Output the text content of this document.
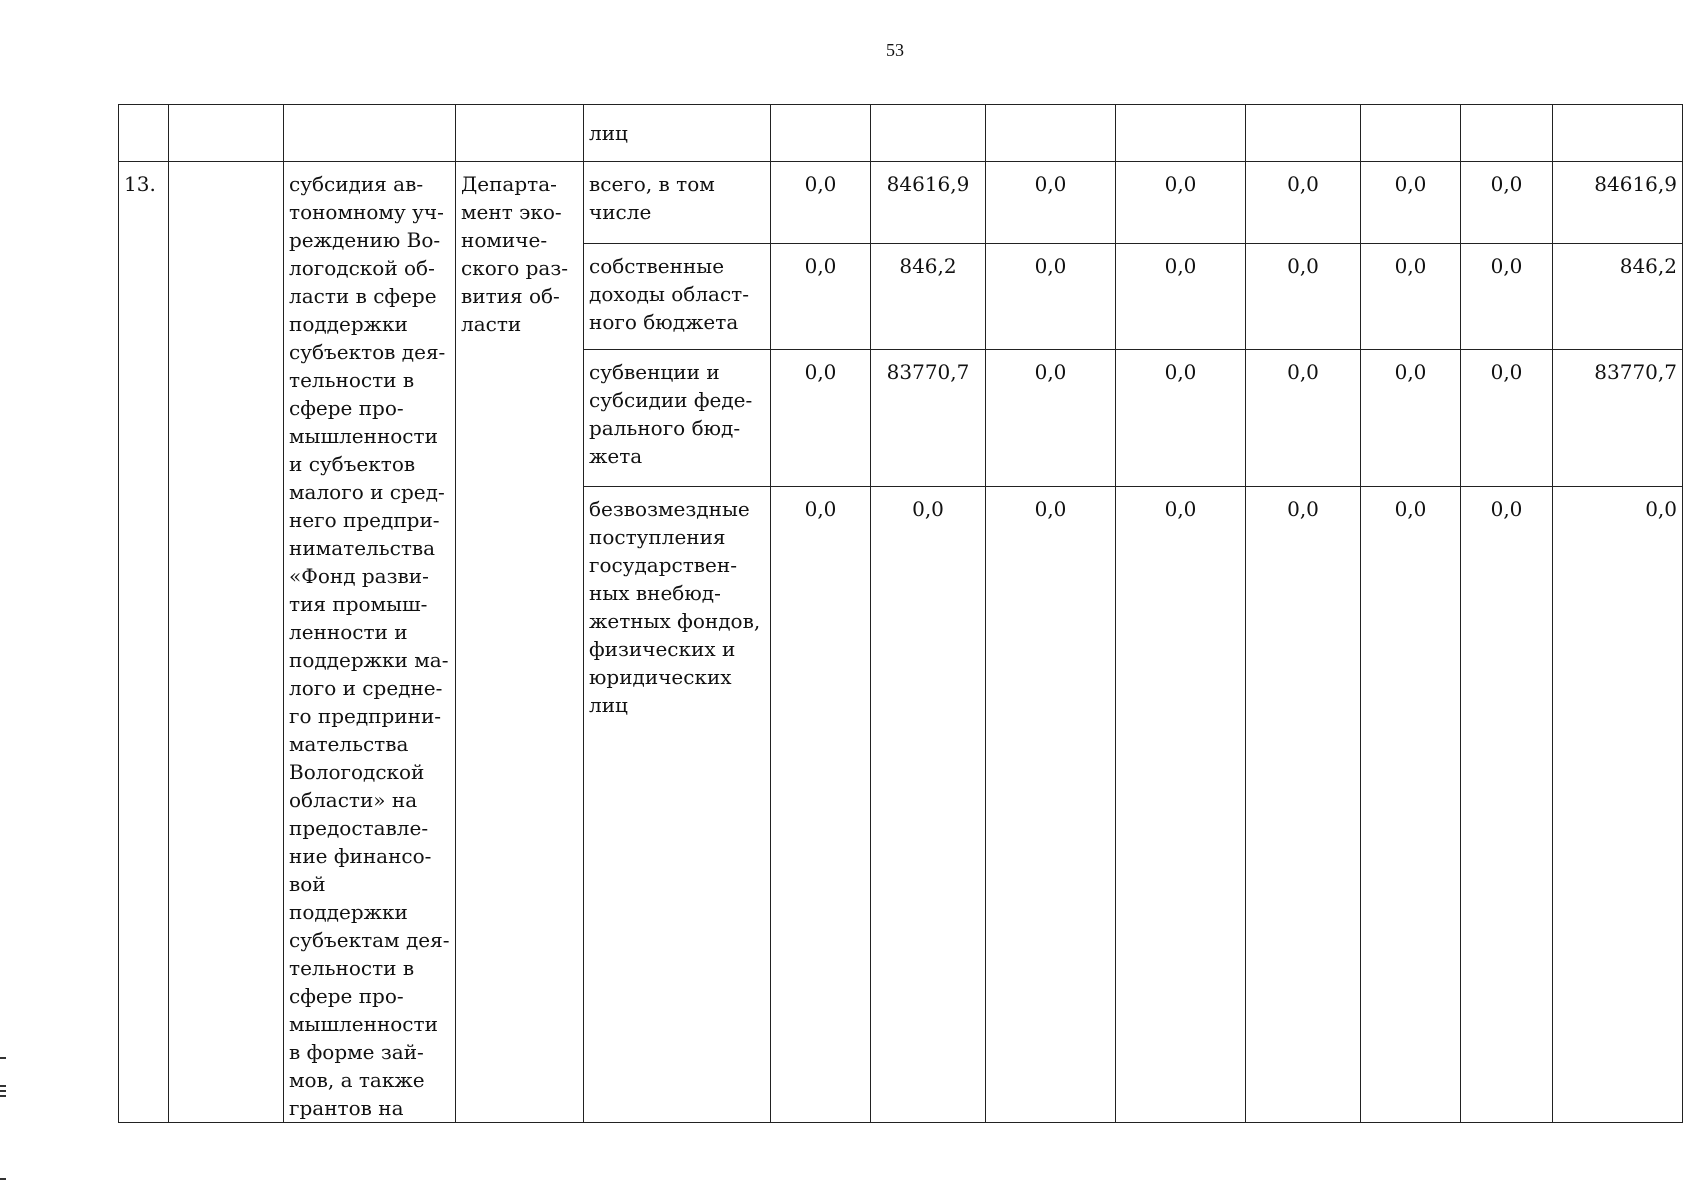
53
				лиц								
13.		субсидия ав-тономному уч-реждению Во-логодской об-ласти в сфере поддержки субъектов дея-тельности в сфере про-мышленности и субъектов малого и сред-него предпри-нимательства «Фонд разви-тия промыш-ленности и поддержки ма-лого и средне-го предприни-мательства Вологодской области» на предоставле-ние финансо-вой поддержки субъектам дея-тельности в сфере про-мышленности в форме зай-мов, а также грантов на	Департа-мент эко-номиче-ского раз-вития об-ласти	всего, в том числе	0,0	84616,9	0,0	0,0	0,0	0,0	0,0	84616,9
				собственные доходы област-ного бюджета	0,0	846,2	0,0	0,0	0,0	0,0	0,0	846,2
				субвенции и субсидии феде-рального бюд-жета	0,0	83770,7	0,0	0,0	0,0	0,0	0,0	83770,7
				безвозмездные поступления государствен-ных внебюд-жетных фондов, физических и юридических лиц	0,0	0,0	0,0	0,0	0,0	0,0	0,0	0,0
